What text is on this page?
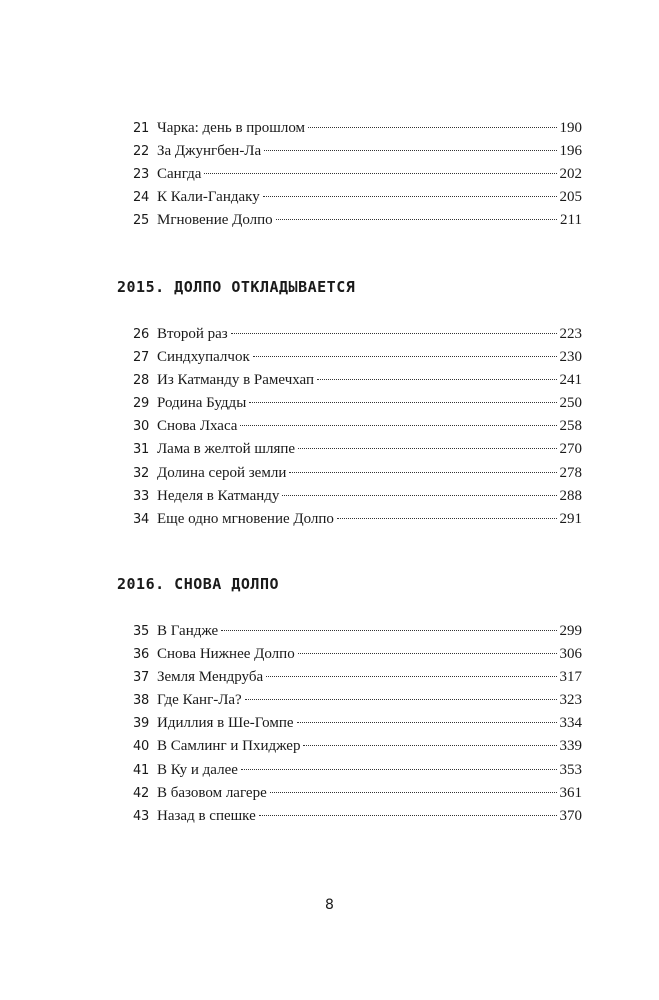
21 Чарка: день в прошлом	190
22 За Джунгбен-Ла	196
23 Сангда	202
24 К Кали-Гандаку	205
25 Мгновение Долпо	211
2015. ДОЛПО ОТКЛАДЫВАЕТСЯ
26 Второй раз	223
27 Синдхупалчок	230
28 Из Катманду в Рамечхап	241
29 Родина Будды	250
30 Снова Лхаса	258
31 Лама в желтой шляпе	270
32 Долина серой земли	278
33 Неделя в Катманду	288
34 Еще одно мгновение Долпо	291
2016. СНОВА ДОЛПО
35 В Гандже	299
36 Снова Нижнее Долпо	306
37 Земля Мендруба	317
38 Где Канг-Ла?	323
39 Идиллия в Ше-Гомпе	334
40 В Самлинг и Пхиджер	339
41 В Ку и далее	353
42 В базовом лагере	361
43 Назад в спешке	370
8
